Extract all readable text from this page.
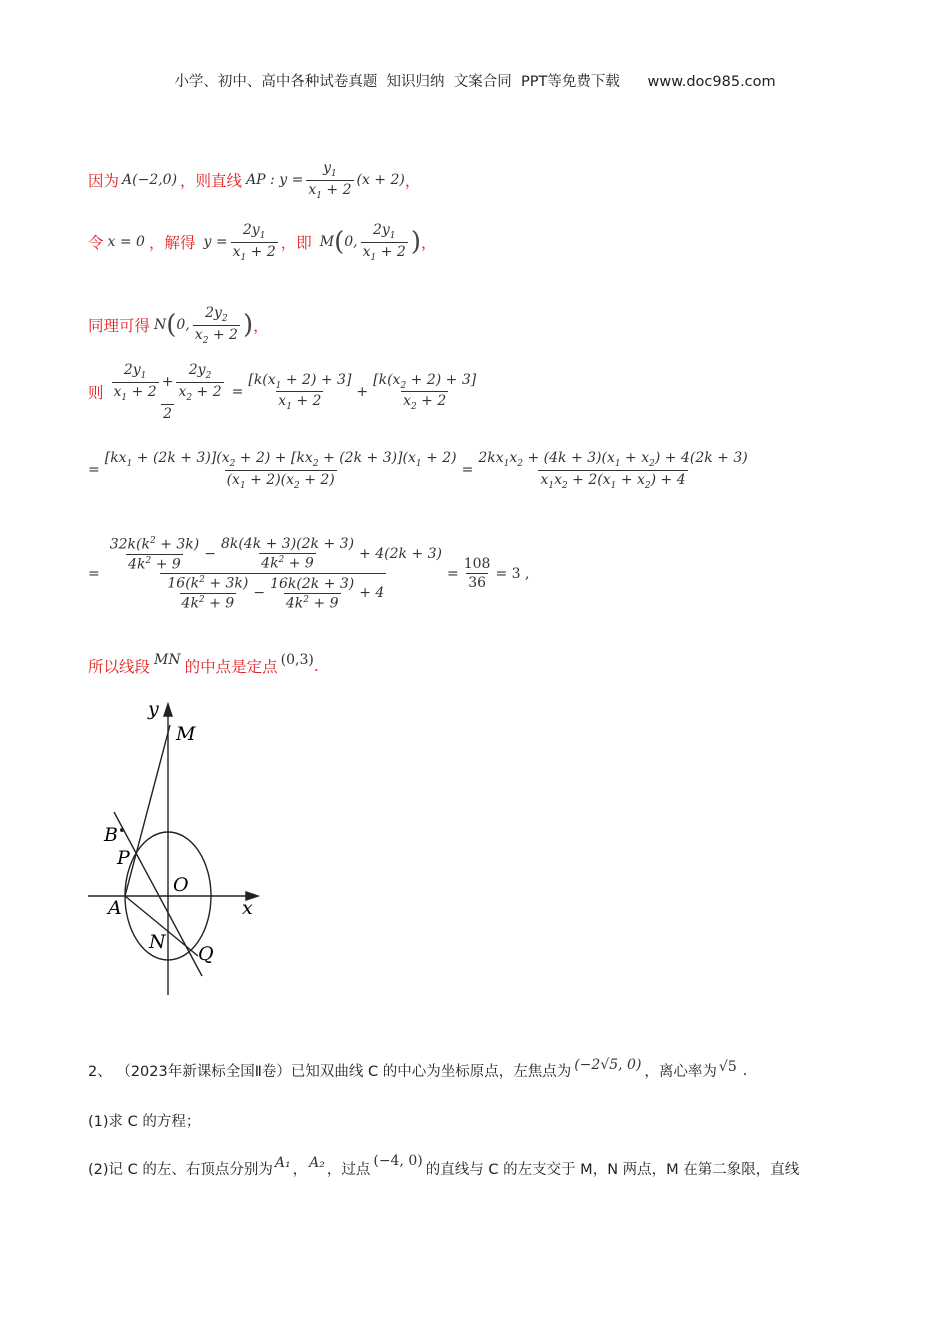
小学、初中、高中各种试卷真题  知识归纳  文案合同  PPT等免费下载      www.doc985.com
因为 A(−2,0) ，则直线 AP : $y = \frac{y_1}{x_1 + 2} (x + 2)$ ，
令 x = 0 ，解得 $y = \frac{2y_1}{x_1 + 2}$ ，即 M ( 0, $\frac{2y_1}{x_1 + 2}$ ) ，
同理可得 N ( 0, $\frac{2y_2}{x_2 + 2}$ ) ，
则 $\frac{\frac{2y_1}{x_1 + 2} + \frac{2y_2}{x_2 + 2}}{2} = \frac{[k(x_1 + 2) + 3]}{x_1 + 2} + \frac{[k(x_2 + 2) + 3]}{x_2 + 2}$
= $\frac{[kx_1 + (2k + 3)](x_2 + 2) + [kx_2 + (2k + 3)](x_1 + 2)}{(x_1 + 2)(x_2 + 2)} = \frac{2kx_1x_2 + (4k + 3)(x_1 + x_2) + 4(2k + 3)}{x_1x_2 + 2(x_1 + x_2) + 4}$
=
$\frac{32k(k^2 + 3k)}{4k^2 + 9} - \frac{8k(4k + 3)(2k + 3)}{4k^2 + 9} + 4(2k + 3)$
$\frac{16(k^2 + 3k)}{4k^2 + 9} - \frac{16k(2k + 3)}{4k^2 + 9} + 4$
= $\frac{108}{36} = 3$ ,
所以线段 MN 的中点是定点 (0,3) .
y
M
B
P
O
A	x
N
Q
2、 （2023年新课标全国Ⅱ卷）已知双曲线 C 的中心为坐标原点，左焦点为 (−2√5, 0) ，离心率为 √5 .
(1)求 C 的方程；
(2)记 C 的左、右顶点分别为 A₁ ， A₂ ，过点
(−4, 0)
的直线与 C 的左支交于 M，N 两点，M 在第二象限，直线
